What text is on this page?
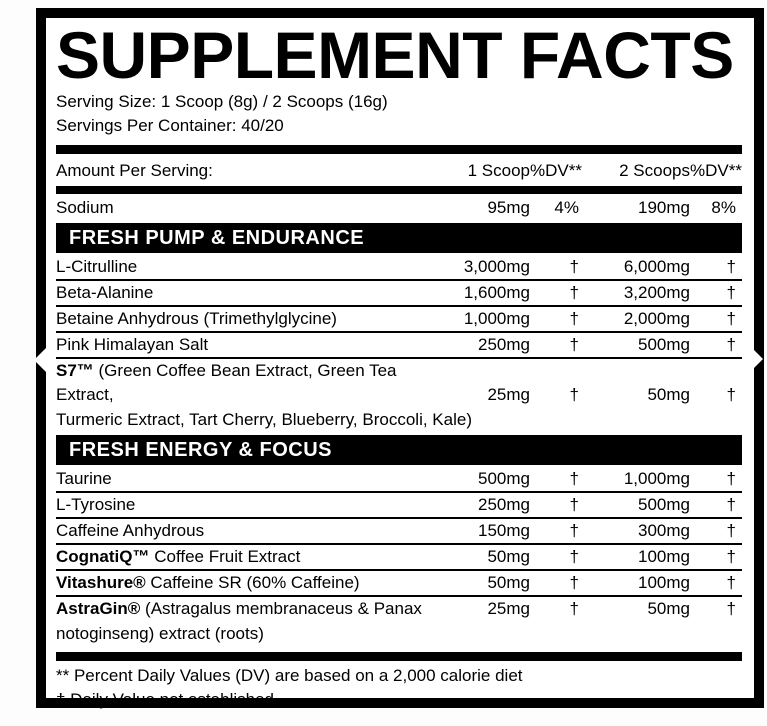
SUPPLEMENT FACTS
Serving Size: 1 Scoop (8g) / 2 Scoops (16g)
Servings Per Container: 40/20
Amount Per Serving:	1 Scoop %DV**	2 Scoops %DV**
Sodium	95mg	4%	190mg	8%
FRESH PUMP & ENDURANCE
L-Citrulline	3,000mg	†	6,000mg	†
Beta-Alanine	1,600mg	†	3,200mg	†
Betaine Anhydrous (Trimethylglycine)	1,000mg	†	2,000mg	†
Pink Himalayan Salt	250mg	†	500mg	†
S7™ (Green Coffee Bean Extract, Green Tea Extract,	25mg	†	50mg	†
Turmeric Extract, Tart Cherry, Blueberry, Broccoli, Kale)
FRESH ENERGY & FOCUS
Taurine	500mg	†	1,000mg	†
L-Tyrosine	250mg	†	500mg	†
Caffeine Anhydrous	150mg	†	300mg	†
CognatiQ™ Coffee Fruit Extract	50mg	†	100mg	†
Vitashure® Caffeine SR (60% Caffeine)	50mg	†	100mg	†
AstraGin® (Astragalus membranaceus & Panax	25mg	†	50mg	†
notoginseng) extract (roots)
** Percent Daily Values (DV) are based on a 2,000 calorie diet
† Daily Value not established
